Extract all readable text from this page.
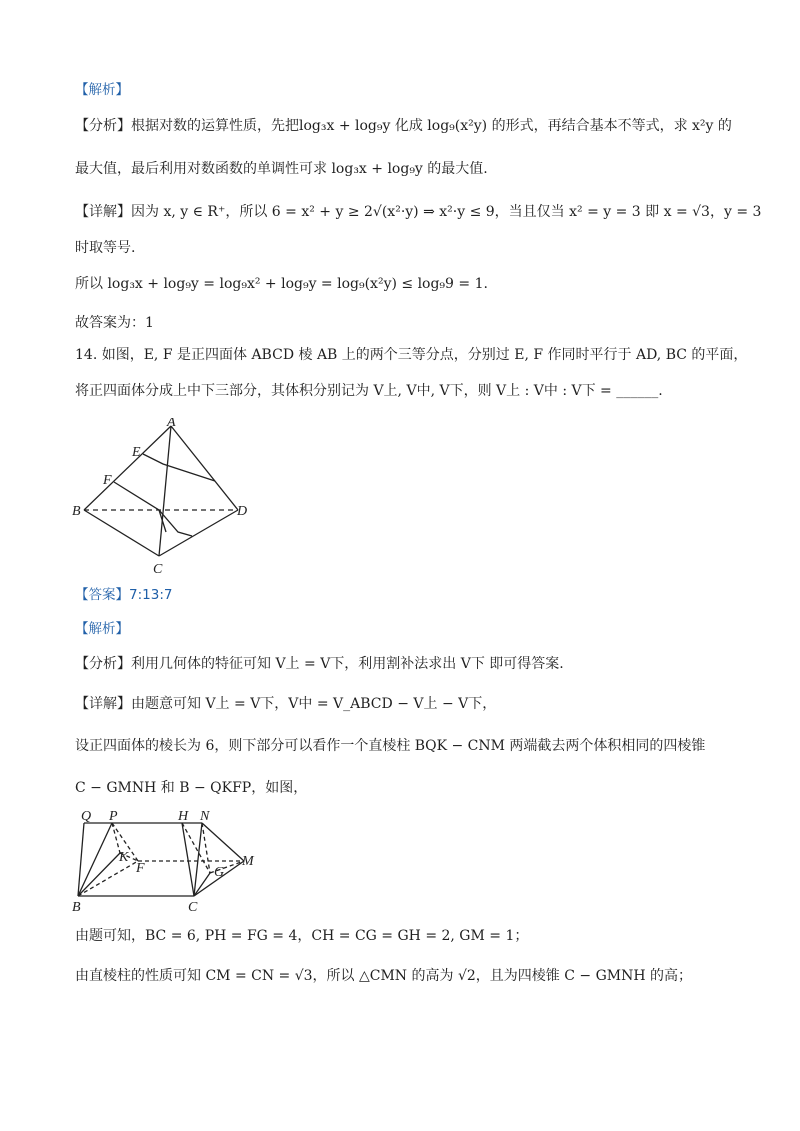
【解析】
【分析】根据对数的运算性质，先把log₃x + log₉y 化成 log₉(x²y) 的形式，再结合基本不等式，求 x²y 的
最大值，最后利用对数函数的单调性可求 log₃x + log₉y 的最大值.
【详解】因为 x, y ∈ R⁺，所以 6 = x² + y ≥ 2√(x²·y) ⇒ x²·y ≤ 9，当且仅当 x² = y = 3 即 x = √3，y = 3
时取等号.
所以 log₃x + log₉y = log₉x² + log₉y = log₉(x²y) ≤ log₉9 = 1.
故答案为：1
14. 如图，E, F 是正四面体 ABCD 棱 AB 上的两个三等分点，分别过 E, F 作同时平行于 AD, BC 的平面，
将正四面体分成上中下三部分，其体积分别记为 V上, V中, V下，则 V上 : V中 : V下 = ______.
A
E
F
B	D
C
【答案】7:13:7
【解析】
【分析】利用几何体的特征可知 V上 = V下，利用割补法求出 V下 即可得答案.
【详解】由题意可知 V上 = V下，V中 = V_ABCD − V上 − V下，
设正四面体的棱长为 6，则下部分可以看作一个直棱柱 BQK − CNM 两端截去两个体积相同的四棱锥
C − GMNH 和 B − QKFP，如图，
Q P	H N
K
F	G
M
B	C
由题可知，BC = 6, PH = FG = 4，CH = CG = GH = 2, GM = 1；
由直棱柱的性质可知 CM = CN = √3，所以 △CMN 的高为 √2，且为四棱锥 C − GMNH 的高；
